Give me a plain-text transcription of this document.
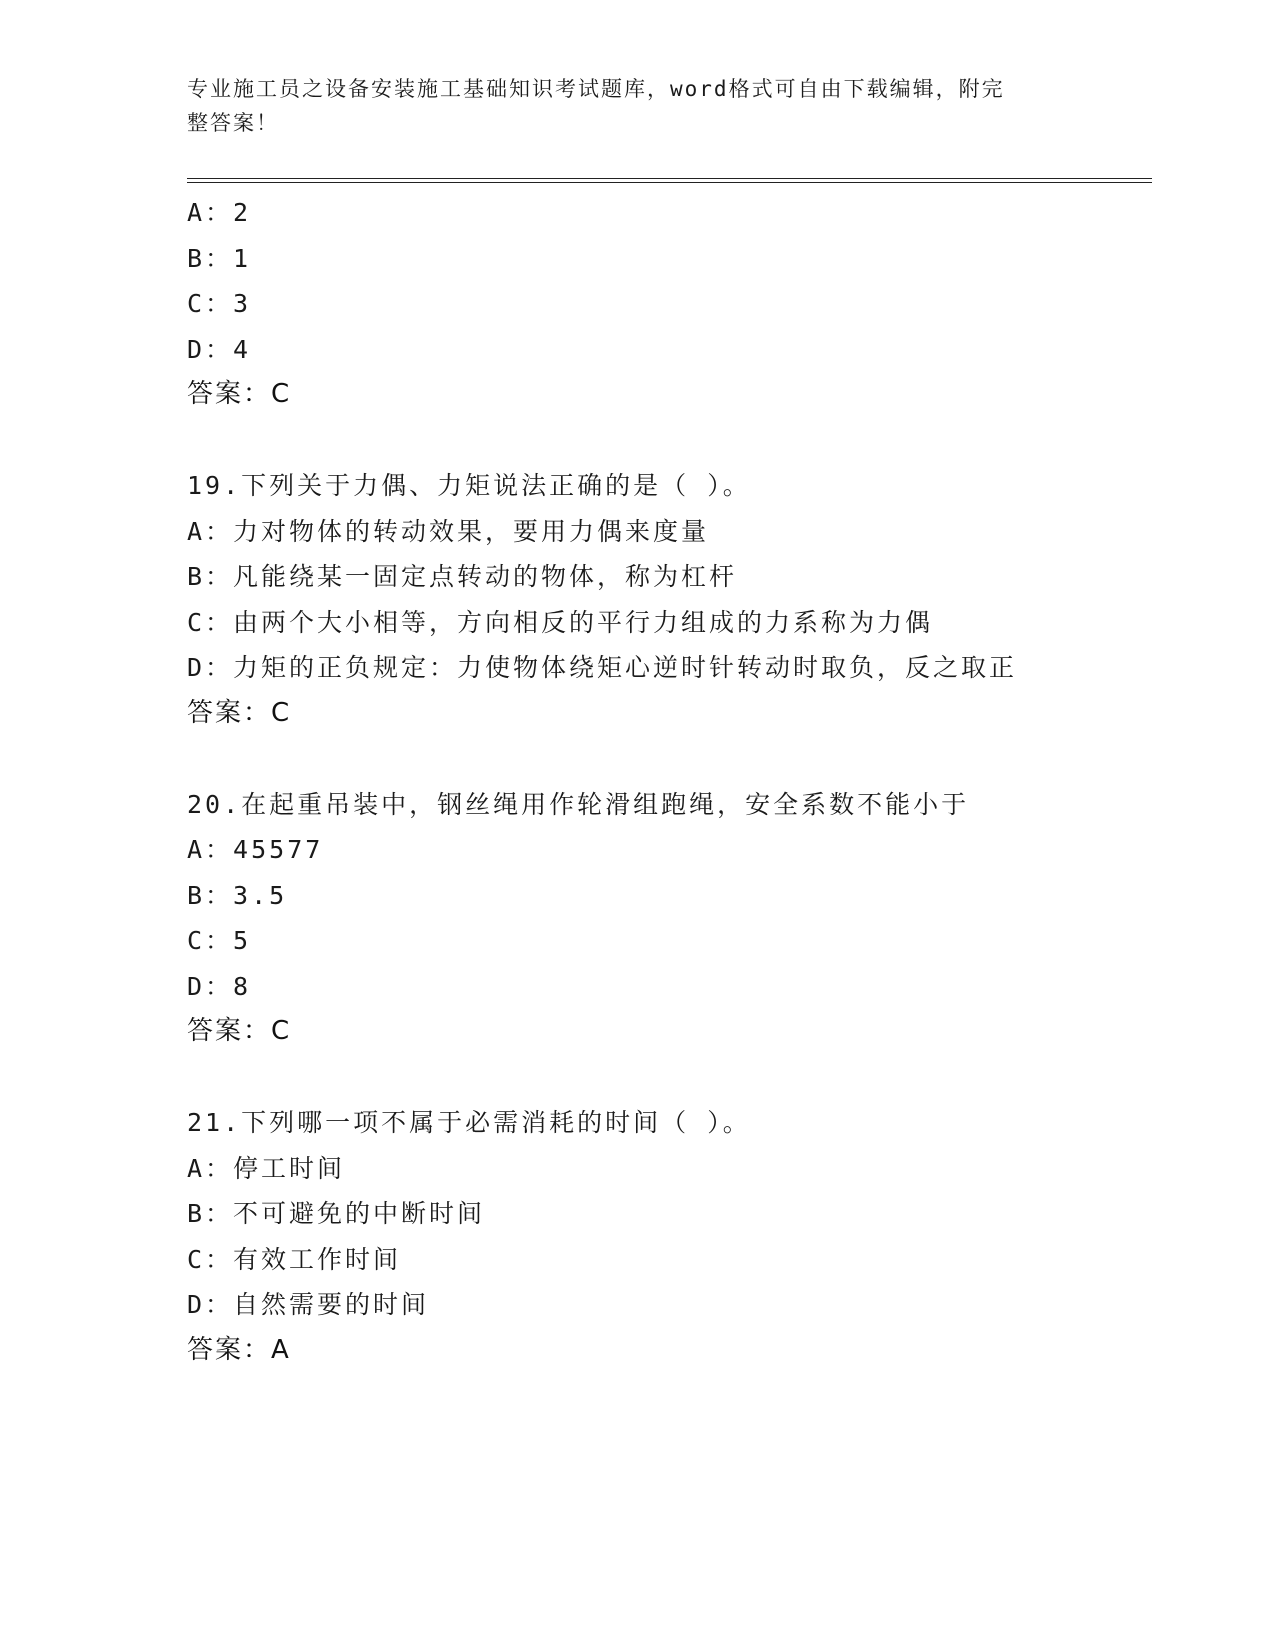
专业施工员之设备安装施工基础知识考试题库，word格式可自由下载编辑，附完
整答案！
A：2
B：1
C：3
D：4
答案：C
19.下列关于力偶、力矩说法正确的是（ ）。
A：力对物体的转动效果，要用力偶来度量
B：凡能绕某一固定点转动的物体，称为杠杆
C：由两个大小相等，方向相反的平行力组成的力系称为力偶
D：力矩的正负规定：力使物体绕矩心逆时针转动时取负，反之取正
答案：C
20.在起重吊装中，钢丝绳用作轮滑组跑绳，安全系数不能小于
A：45577
B：3.5
C：5
D：8
答案：C
21.下列哪一项不属于必需消耗的时间（ ）。
A：停工时间
B：不可避免的中断时间
C：有效工作时间
D：自然需要的时间
答案：A
